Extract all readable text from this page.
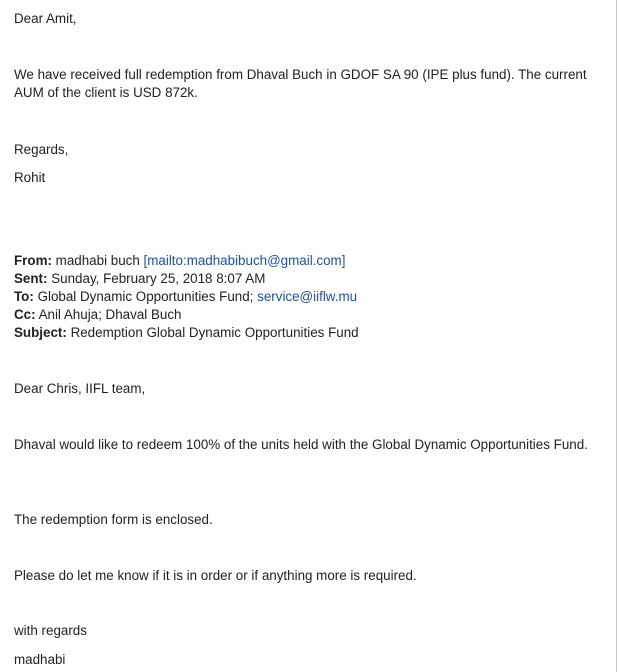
Dear Amit,
We have received full redemption from Dhaval Buch in GDOF SA 90 (IPE plus fund). The current AUM of the client is USD 872k.
Regards,
Rohit
From: madhabi buch [mailto:madhabibuch@gmail.com]
Sent: Sunday, February 25, 2018 8:07 AM
To: Global Dynamic Opportunities Fund; service@iiflw.mu
Cc: Anil Ahuja; Dhaval Buch
Subject: Redemption Global Dynamic Opportunities Fund
Dear Chris, IIFL team,
Dhaval would like to redeem 100% of the units held with the Global Dynamic Opportunities Fund.
The redemption form is enclosed.
Please do let me know if it is in order or if anything more is required.
with regards
madhabi
